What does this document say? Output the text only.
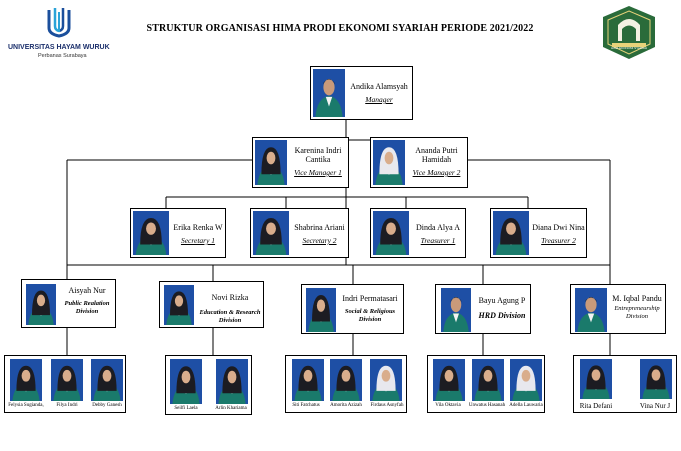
UNIVERSITAS HAYAM WURUK
Perbanas Surabaya
STRUKTUR ORGANISASI HIMA PRODI EKONOMI SYARIAH PERIODE 2021/2022
HIMA EKONOMI SYARIAH
Andika Alamsyah
Manager
Karenina Indri Cantika
Vice Manager 1
Ananda Putri Hamidah
Vice Manager 2
Erika Renka W
Secretary 1
Shabrina Ariani
Secretary 2
Dinda Alya A
Treasurer 1
Diana Dwi Nina
Treasurer 2
Aisyah Nur
Public Realation Division
Novi Rizka
Education & Research Division
Indri Permatasari
Social & Religious Division
Bayu Agung P
HRD Division
M. Iqbal Pandu
Entrepreneurship Division
Felysia Sugianda,	Filya Indri	Debby Ganesh
Seilfi Laela	Arlin Khariama
Siti Fatchatus	Amorita Azizah	Firdaus Asnyfah	Vila Oktavia	Unwatus Hasanah Adella Lauwaria	Rita Defani	Vina Nur J
